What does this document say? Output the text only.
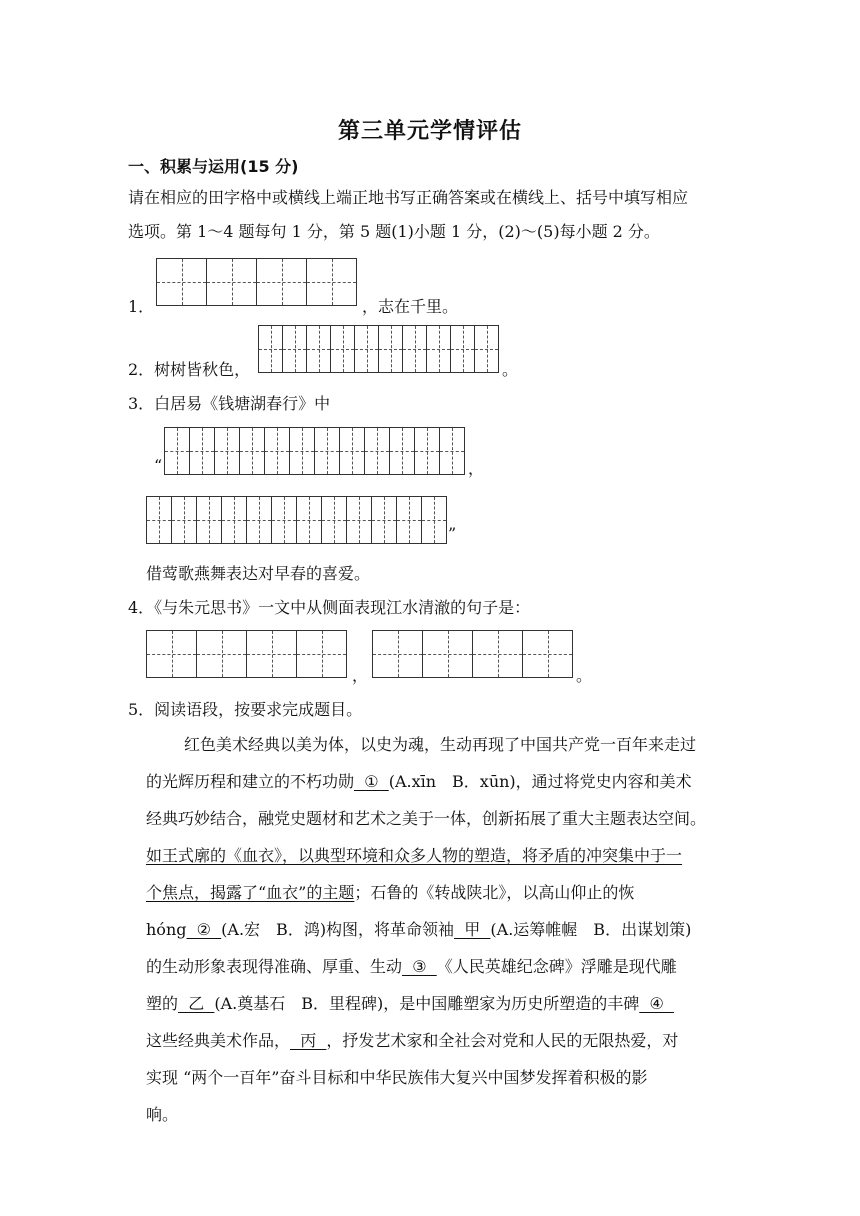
第三单元学情评估
一、积累与运用(15 分)
请在相应的田字格中或横线上端正地书写正确答案或在横线上、括号中填写相应
选项。第 1～4 题每句 1 分，第 5 题(1)小题 1 分，(2)～(5)每小题 2 分。
1．	，志在千里。
2．树树皆秋色，	。
3．白居易《钱塘湖春行》中
“	，
”
借莺歌燕舞表达对早春的喜爱。
4．《与朱元思书》一文中从侧面表现江水清澈的句子是：
，	。
5．阅读语段，按要求完成题目。

红色美术经典以美为体，以史为魂，生动再现了中国共产党一百年来走过

的光辉历程和建立的不朽功勋  ①  (A.xīn　B．xūn)，通过将党史内容和美术

经典巧妙结合，融党史题材和艺术之美于一体，创新拓展了重大主题表达空间。

如王式廓的《血衣》，以典型环境和众多人物的塑造，将矛盾的冲突集中于一

个焦点，揭露了“血衣”的主题；石鲁的《转战陕北》，以高山仰止的恢

hóng  ②  (A.宏　B．鸿)构图，将革命领袖  甲  (A.运筹帷幄　B．出谋划策)

的生动形象表现得准确、厚重、生动  ③  《人民英雄纪念碑》浮雕是现代雕

塑的  乙  (A.奠基石　B．里程碑)，是中国雕塑家为历史所塑造的丰碑  ④

这些经典美术作品，  丙  ，抒发艺术家和全社会对党和人民的无限热爱，对

实现 “两个一百年”奋斗目标和中华民族伟大复兴中国梦发挥着积极的影

响。
